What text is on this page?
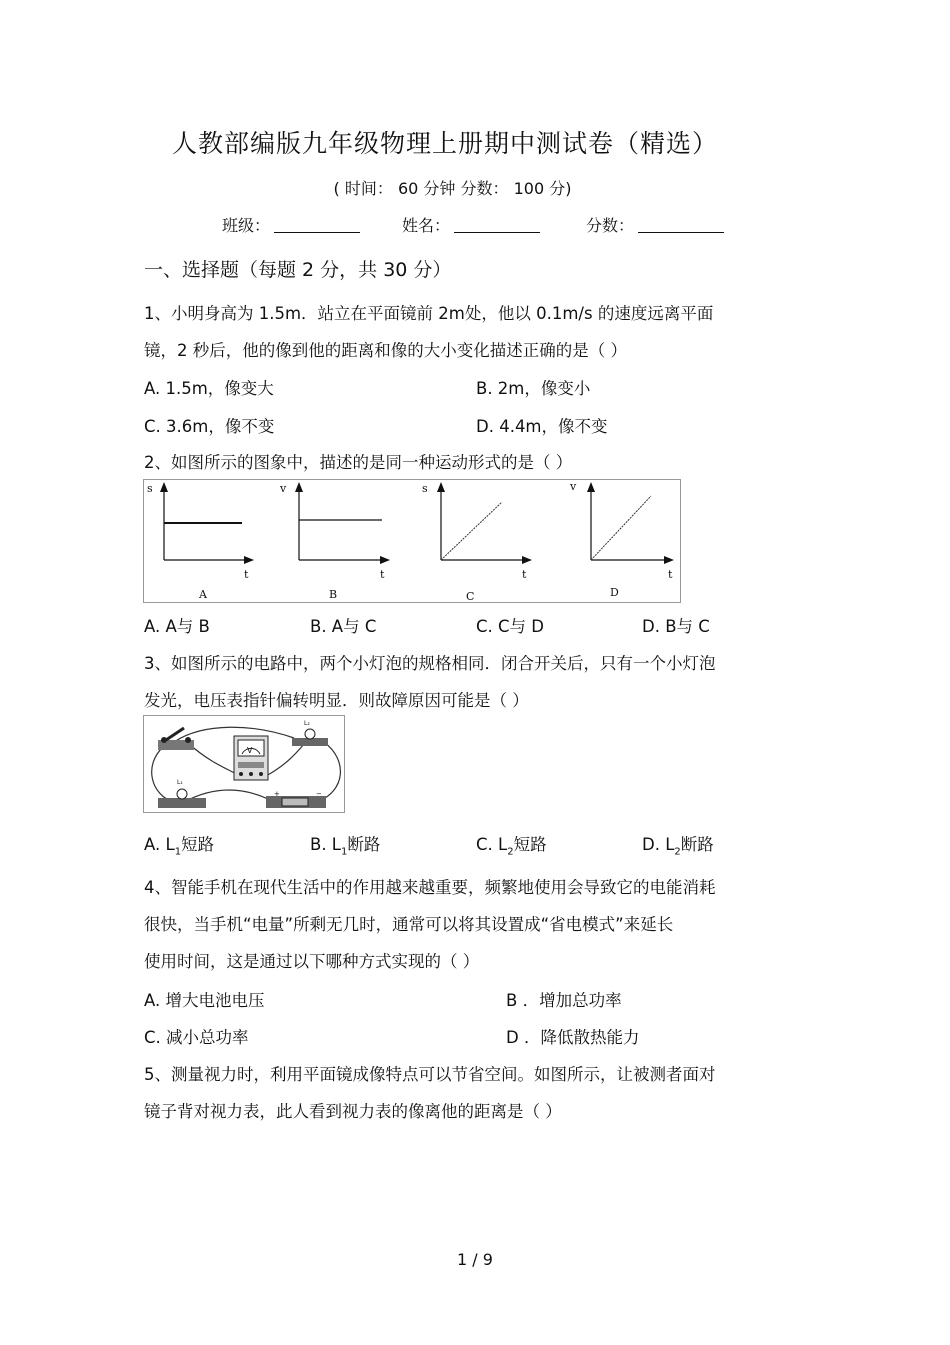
人教部编版九年级物理上册期中测试卷（精选）
( 时间： 60 分钟 分数： 100 分)
班级：	姓名：	分数：
一、选择题（每题 2 分，共 30 分）
1、小明身高为 1.5m．站立在平面镜前 2m处，他以 0.1m/s 的速度远离平面
镜，2 秒后，他的像到他的距离和像的大小变化描述正确的是（ ）
A. 1.5m，像变大	B. 2m，像变小
C. 3.6m，像不变	D. 4.4m，像不变
2、如图所示的图象中，描述的是同一种运动形式的是（ ）
s
t
A
v
t
B
s
t
C
v
t
D
A. A与 B	B. A与 C	C. C与 D	D. B与 C
3、如图所示的电路中，两个小灯泡的规格相同．闭合开关后，只有一个小灯泡
发光，电压表指针偏转明显．则故障原因可能是（ ）
V
L₂
L₁
+	−
A. $L_1$短路	B. $L_1$断路	C. $L_2$短路	D. $L_2$断路
4、智能手机在现代生活中的作用越来越重要，频繁地使用会导致它的电能消耗
很快，当手机“电量”所剩无几时，通常可以将其设置成“省电模式”来延长
使用时间，这是通过以下哪种方式实现的（ ）
A. 增大电池电压	B ．增加总功率
C. 减小总功率	D ．降低散热能力
5、测量视力时，利用平面镜成像特点可以节省空间。如图所示，让被测者面对
镜子背对视力表，此人看到视力表的像离他的距离是（ ）
1 / 9
